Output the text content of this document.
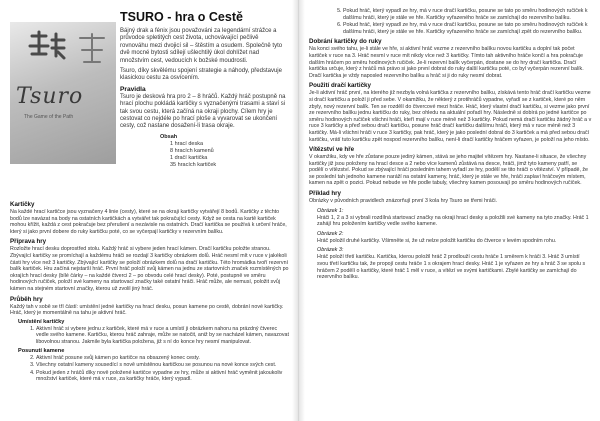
Tsuro
The Game of the Path
TSURO - hra o Cestě

Bájný drak a fénix jsou považováni za legendární strážce a průvodce spletitých cest života, uchovávající pečlivě rovnováhu mezi dvojicí sil – štěstím a osudem. Společně tyto dvě mocné bytosti sdílejí ušlechtilý úkol dohlížet nad množstvím cest, vedoucích k božské moudrosti.

Tsuro, díky skvělému spojení strategie a náhody, představuje klasickou cestu za osvícením.

Pravidla

Tsuro je desková hra pro 2 – 8 hráčů. Každý hráč postupně na hrací plochu pokládá kartičky s vyznačenými trasami a staví si tak svou cestu, která začíná na okraji plochy. Cílem hry je cestovat co nejdéle po hrací ploše a vyvarovat se ukončení cesty, což nastane dosažení-li trasa okraje.

Obsah
1 hrací deska
8 hracích kamenů
1 dračí kartička
35 hracích kartiček
Kartičky

Na každé hrací kartičce jsou vyznačeny 4 linie (cesty), které se na okraji kartičky vytvářejí 8 bodů. Kartičky z těchto bodů lze navázat na body na ostatních kartičkách a vytvářet tak pokračující cesty. Když se cesta na kartě kartiček mohou křížit, každá z cest pokračuje bez přerušení a nezávisle na ostatních. Dračí kartička se používá k určení hráče, který si jako první dobere do ruky kartičku poté, co se vyčerpají kartičky v rezervním balíku.

Příprava hry

Rozložte hrací desku doprostřed stolu. Každý hráč si vybere jeden hrací kámen. Dračí kartičku položte stranou. Zbývající kartičky se promíchají a každému hráči se rozdají 3 kartičky obrázkem dolů. Hráč nesmí mít v ruce v jakékoli části hry více než 3 kartičky. Zbývající kartičky se položí obrázkem dolů na dračí kartičku. Této hromádka tvoří rezervní balík kartiček. Hru začíná nejstarší hráč. První hráč položí svůj kámen na jednu ze startovních značek rozmístěných po okrajích hrací desky (bílé čárky – na každé čtverci 2 – po obvodu celé hrací desky). Poté, postupně ve směru hodinových ručiček, položí své kameny na startovací značky také ostatní hráči. Hráč může, ale nemusí, položit svůj kámen na stejném startovní značky, kterou už zvolil jiný hráč.

Průběh hry

Každý tah v sobě se tří částí: umístění jedné kartičky na hrací desku, posun kamene po cestě, dobrání nové kartičky. Hráč, který je momentálně na tahu je aktivní hráč.

Umístění kartičky
1. Aktivní hráč si vybere jednu z kartiček, které má v ruce a umístí ji obrázkem nahoru na prázdný čtverec vedle svého kamene. Kartičku, kterou hráč zahraje, může se natočit, aniž by se nacházel kámen, navazovat libovolnou stranou. Jakmile byla kartička položena, již s ní do konce hry nesmí manipulovat.
Posunutí kamene
2. Aktivní hráč posune svůj kámen po kartičce na obsazený konec cesty.
3. Všechny ostatní kameny sousedící s nově umístěnou kartičkou se posunou na nové konce svých cest.
4. Pokud jeden z hráčů díky nově položené kartičce vypadne ze hry, může si aktivní hráč vyměnit jakoukoliv množství kartiček, které má v ruce, za kartičky hráče, který vypadl.
5. Pokud hráč, který vypadl ze hry, má v ruce dračí kartičku, posune se tato po směru hodinových ručiček k dalšímu hráči, který je stále ve hře. Kartičky vyřazeného hráče se zamíchají do rezervního balíku.
6. Pokud hráč, který vypadl ze hry, má v ruce dračí kartičku, posune se tato po směru hodinových ručiček k dalšímu hráči, který je stále ve hře. Kartičky vyřazeného hráče se zamíchají zpět do rezervního balíku.
Dobrání kartičky do ruky

Na konci svého tahu, je-li stále ve hře, si aktivní hráč vezme z rezervního balíku novou kartičku a doplní tak počet kartiček v ruce na 3. Hráč nesmí v ruce mít nikdy více než 3 kartičky. Tímto tah aktivního hráče končí a hra pokračuje dalším hráčem po směru hodinových ručiček. Je-li rezervní balík vyčerpán, dostane se do hry dračí kartička. Dračí kartička určuje, který z hráčů má právo si jako první dobrat do ruky další kartičku poté, co byl vyčerpán rezervní balík. Dračí kartička je vždy naposled rezervního balíku a hráč si ji do ruky nesmí dobrat.

Použití dračí kartičky

Je-li aktivní hráč první, na kterého již nezbyla volná kartička z rezervního balíku, získává tento hráč dračí kartičku vezme si dračí kartičku a položí ji před sebe. V okamžiku, že některý z protihráčů vypadne, vyřadí se z kartiček, které po něm zbyly, nový rezervní balík. Ten se rozdělí do čtvercové mezi hráče. Hráč, který vlastní dračí kartičku, si vezme jako první ze rezervního balíku jednu kartičku do ruky, bez ohledu na aktuální pořadí hry. Následně si dobírá po jedné kartičce po směru hodinových ručiček všichni hráči, kteří mají v ruce méně než 3 kartičky. Pokud nemá dračí kartičku žádný hráč a v ruce 3 kartičky a přeď sebou dračí kartičku, posune hráč dračí kartičku dalšímu hráči, který má v ruce méně než 3 kartičky. Má-li všichni hráči v ruce 3 kartičky, pak hráč, který je jako poslední dobral do 3 kartiček a má před sebou dračí kartičku, vrátí tuto kartičku zpět nospod rezervního balíku, není-li dračí kartičky hráčem vyřazen, je položí na jeho místo.

Vítězství ve hře

V okamžiku, kdy ve hře zůstane pouze jediný kámen, stává se jeho majitel vítězem hry. Nastane-li situace, že všechny kartičky již jsou položeny na hrací desce a 2 nebo více kamenů zůstává na desce, hráči, jimž tyto kameny patří, se podělí o vítězství. Pokud se zbývající hráči posledním tahem vyřadí ze hry, podělí se tito hráči o vítězství. V případě, že se poslední tah jednoho kamene naráží na ostatní kameny, hráč, který je stále ve hře, hráči zaplaví hráčovým místem, kamen na zpět o pozici. Pokud nebude ve hře podle tabuly, všechny kamen posouvají po směru hodinových ručiček.

Příklad hry

Obrázky v původních pravidlech znázorňují první 3 kola hry Tsuro se třemi hráči.

Obrázek 1:

Hráči 1, 2 a 3 si vybrali rozdílná startovací značky na okraji hrací desky a položili své kameny na tyto značky. Hráč 1 zahájí hru položením kartičky vedle svého kamene.

Obrázek 2:

Hráč položil druhé kartičky. Všimněte si, že už nelze položit kartičku do čtverce v levém spodním rohu.

Obrázek 3:

Hráč položí třetí kartičku. Kartička, kterou položil hráč 2 prodlouží cestu hráče 1 směrem k hráči 3. Hráč 3 umístí svou třetí kartičku tak, že propojí cestu hráče 1 s okrajem hrací desky. Hráč 1 je vyřazen ze hry a hráč 3 se spolu s hráčem 2 podělí o kartičky, které hráč 1 měl v ruce, a vítězí ve svými kartičkami. Zbylé kartičky se zamíchají do rezervního balíku.
